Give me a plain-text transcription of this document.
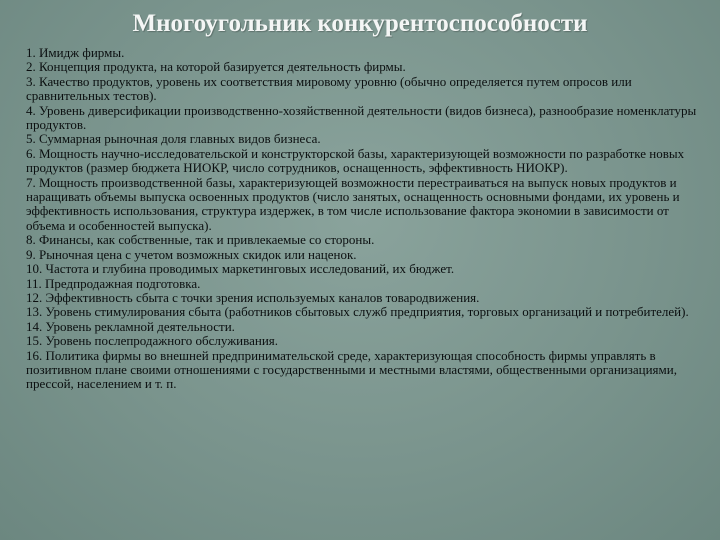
Многоугольник конкурентоспособности
1. Имидж фирмы.
2. Концепция продукта, на которой базируется деятельность фирмы.
3. Качество продуктов, уровень их соответствия мировому уровню (обычно определяется путем опросов или сравнительных тестов).
4. Уровень диверсификации производственно-хозяйственной деятельности (видов бизнеса), разнообразие номенклатуры продуктов.
5. Суммарная рыночная доля главных видов бизнеса.
6. Мощность научно-исследовательской и конструкторской базы, характеризующей возможности по разработке новых продуктов (размер бюджета НИОКР, число сотрудников, оснащенность, эффективность НИОКР).
7. Мощность производственной базы, характеризующей возможности перестраиваться на выпуск новых продуктов и наращивать объемы выпуска освоенных продуктов (число занятых, оснащенность основными фондами, их уровень и эффективность использования, структура издержек, в том числе использование фактора экономии в зависимости от объема и особенностей выпуска).
8. Финансы, как собственные, так и привлекаемые со стороны.
9. Рыночная цена с учетом возможных скидок или наценок.
10. Частота и глубина проводимых маркетинговых исследований, их бюджет.
11. Предпродажная подготовка.
12. Эффективность сбыта с точки зрения используемых каналов товародвижения.
13. Уровень стимулирования сбыта (работников сбытовых служб предприятия, торговых организаций и потребителей).
14. Уровень рекламной деятельности.
15. Уровень послепродажного обслуживания.
16. Политика фирмы во внешней предпринимательской среде, характеризующая способность фирмы управлять в позитивном плане своими отношениями с государственными и местными властями, общественными организациями, прессой, населением и т. п.
